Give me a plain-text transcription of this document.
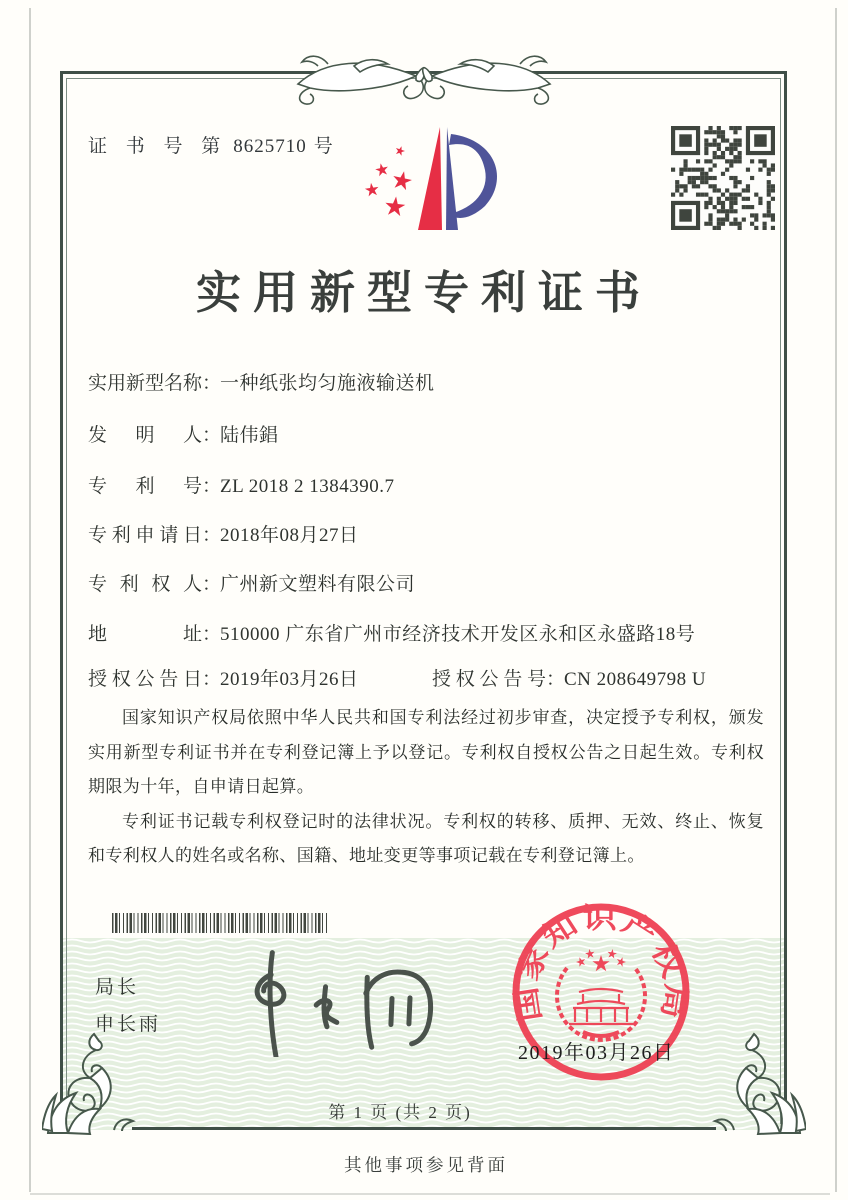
证 书 号 第 8625710 号
实用新型专利证书
实用新型名称：一种纸张均匀施液输送机
发明人：陆伟錩
专利号：ZL 2018 2 1384390.7
专利申请日：2018年08月27日
专利权人：广州新文塑料有限公司
地址：510000 广东省广州市经济技术开发区永和区永盛路18号
授权公告日：2019年03月26日	授权公告号：CN 208649798 U

国家知识产权局依照中华人民共和国专利法经过初步审查，决定授予专利权，颁发实用新型专利证书并在专利登记簿上予以登记。专利权自授权公告之日起生效。专利权期限为十年，自申请日起算。

专利证书记载专利权登记时的法律状况。专利权的转移、质押、无效、终止、恢复和专利权人的姓名或名称、国籍、地址变更等事项记载在专利登记簿上。

局长
申长雨
国家知识产权局
2019年03月26日
第 1 页 (共 2 页)
其他事项参见背面
